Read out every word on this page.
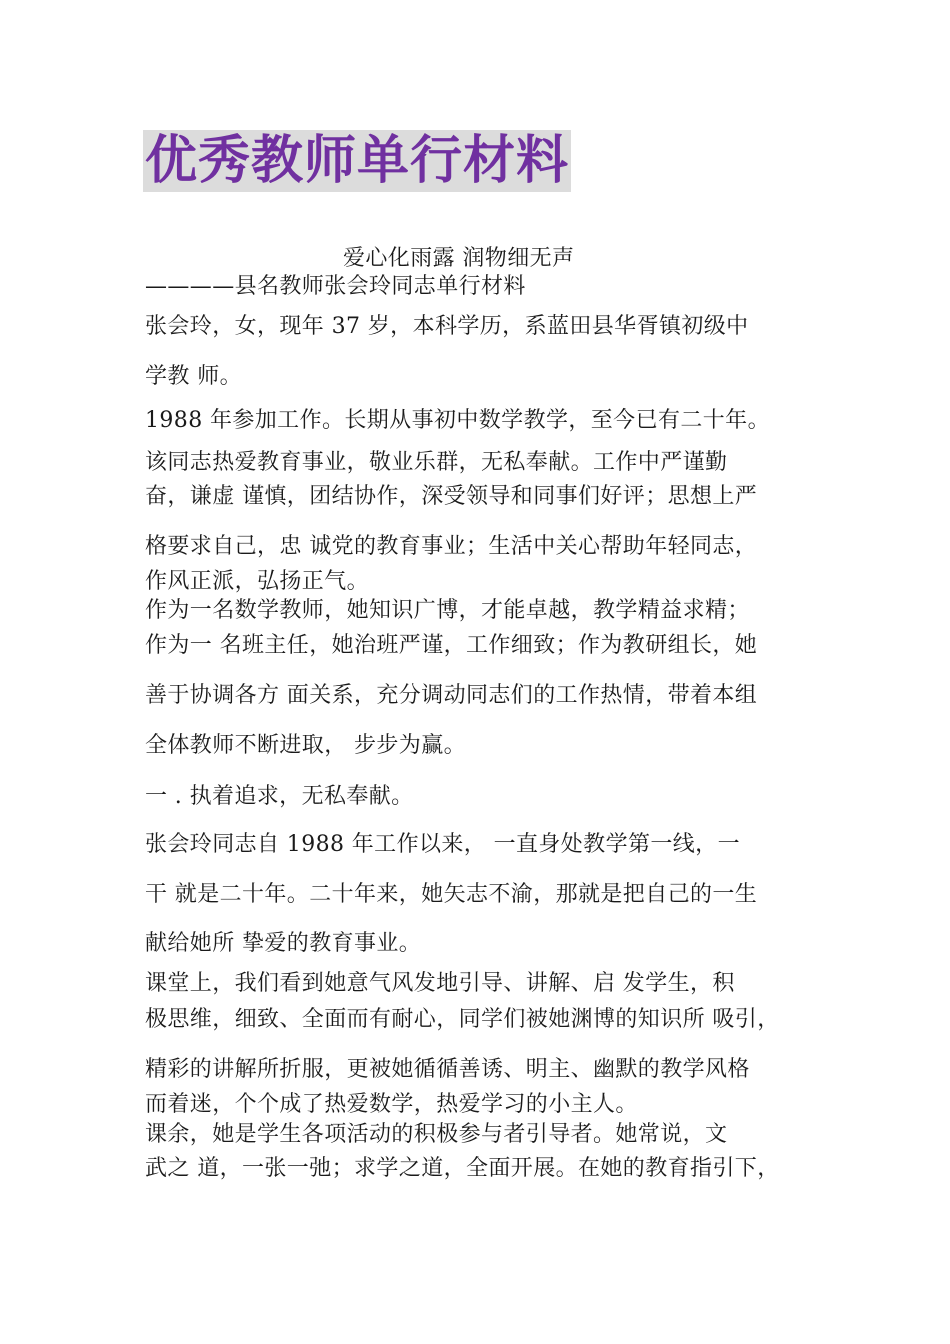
优秀教师单行材料
爱心化雨露 润物细无声
————县名教师张会玲同志单行材料
张会玲，女，现年 37 岁，本科学历，系蓝田县华胥镇初级中
学教 师。
1988 年参加工作。长期从事初中数学教学，至今已有二十年。
该同志热爱教育事业，敬业乐群，无私奉献。工作中严谨勤
奋，谦虚 谨慎，团结协作，深受领导和同事们好评；思想上严
格要求自己，忠 诚党的教育事业；生活中关心帮助年轻同志，
作风正派，弘扬正气。
作为一名数学教师，她知识广博，才能卓越，教学精益求精；
作为一 名班主任，她治班严谨，工作细致；作为教研组长，她
善于协调各方 面关系，充分调动同志们的工作热情，带着本组
全体教师不断进取， 步步为赢。
一 . 执着追求，无私奉献。
张会玲同志自 1988 年工作以来， 一直身处教学第一线，一
干 就是二十年。二十年来，她矢志不渝，那就是把自己的一生
献给她所 挚爱的教育事业。
课堂上，我们看到她意气风发地引导、讲解、启 发学生，积
极思维，细致、全面而有耐心，同学们被她渊博的知识所 吸引，
精彩的讲解所折服，更被她循循善诱、明主、幽默的教学风格
而着迷，个个成了热爱数学，热爱学习的小主人。
课余，她是学生各项活动的积极参与者引导者。她常说，文
武之 道，一张一弛；求学之道，全面开展。在她的教育指引下，
